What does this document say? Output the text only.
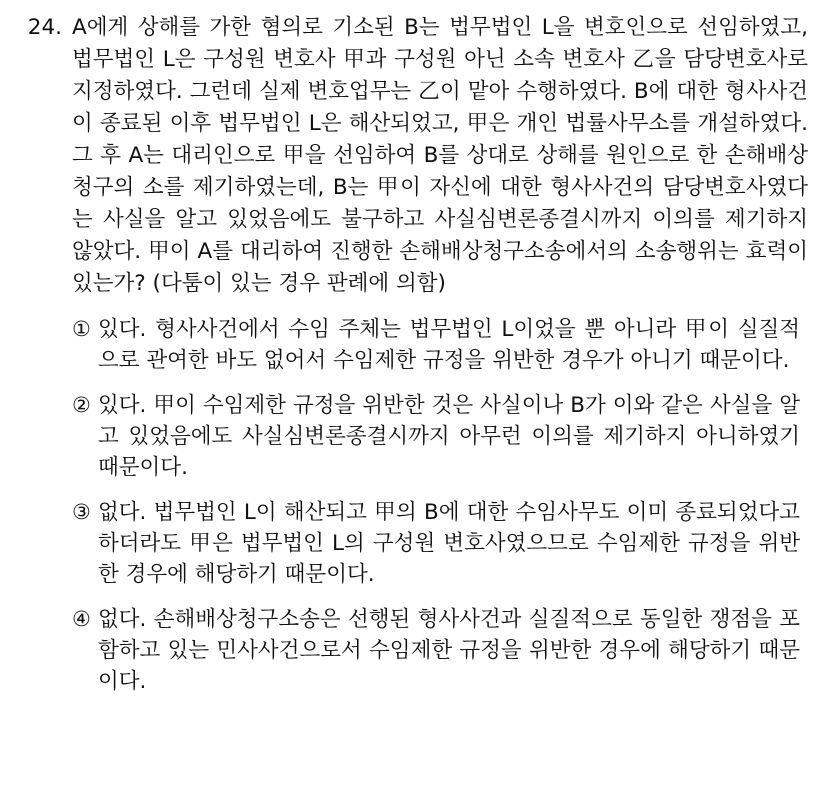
24. A에게 상해를 가한 혐의로 기소된 B는 법무법인 L을 변호인으로 선임하였고, 법무법인 L은 구성원 변호사 甲과 구성원 아닌 소속 변호사 乙을 담당변호사로 지정하였다. 그런데 실제 변호업무는 乙이 맡아 수행하였다. B에 대한 형사사건이 종료된 이후 법무법인 L은 해산되었고, 甲은 개인 법률사무소를 개설하였다. 그 후 A는 대리인으로 甲을 선임하여 B를 상대로 상해를 원인으로 한 손해배상청구의 소를 제기하였는데, B는 甲이 자신에 대한 형사사건의 담당변호사였다는 사실을 알고 있었음에도 불구하고 사실심변론종결시까지 이의를 제기하지 않았다. 甲이 A를 대리하여 진행한 손해배상청구소송에서의 소송행위는 효력이 있는가? (다툼이 있는 경우 판례에 의함)
① 있다. 형사사건에서 수임 주체는 법무법인 L이었을 뿐 아니라 甲이 실질적으로 관여한 바도 없어서 수임제한 규정을 위반한 경우가 아니기 때문이다.
② 있다. 甲이 수임제한 규정을 위반한 것은 사실이나 B가 이와 같은 사실을 알고 있었음에도 사실심변론종결시까지 아무런 이의를 제기하지 아니하였기 때문이다.
③ 없다. 법무법인 L이 해산되고 甲의 B에 대한 수임사무도 이미 종료되었다고 하더라도 甲은 법무법인 L의 구성원 변호사였으므로 수임제한 규정을 위반한 경우에 해당하기 때문이다.
④ 없다. 손해배상청구소송은 선행된 형사사건과 실질적으로 동일한 쟁점을 포함하고 있는 민사사건으로서 수임제한 규정을 위반한 경우에 해당하기 때문이다.
